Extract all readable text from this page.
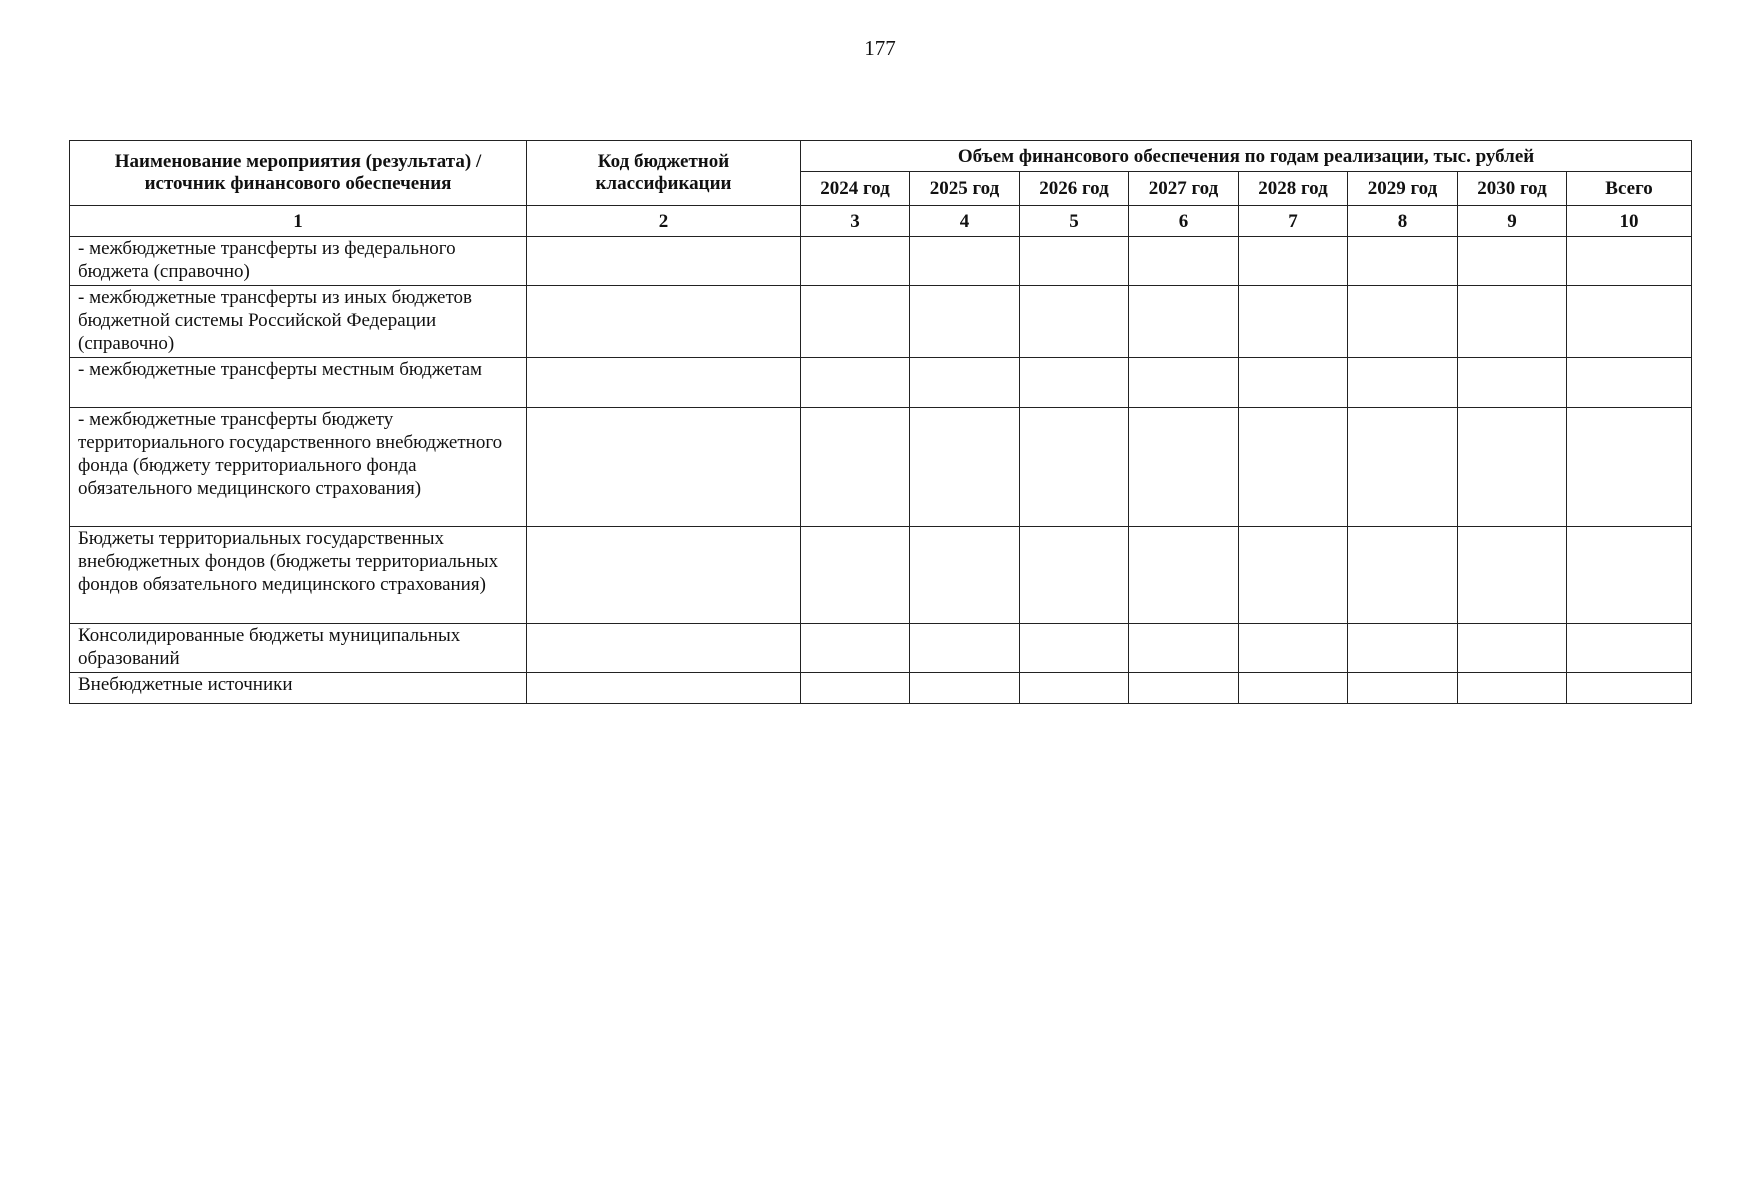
177
Наименование мероприятия (результата) / источник финансового обеспечения	Код бюджетной классификации	Объем финансового обеспечения по годам реализации, тыс. рублей							
		2024 год	2025 год	2026 год	2027 год	2028 год	2029 год	2030 год	Всего
1	2	3	4	5	6	7	8	9	10
- межбюджетные трансферты из федерального бюджета (справочно)									
- межбюджетные трансферты из иных бюджетов бюджетной системы Российской Федерации (справочно)									
- межбюджетные трансферты местным бюджетам									
- межбюджетные трансферты бюджету территориального государственного внебюджетного фонда (бюджету территориального фонда обязательного медицинского страхования)									
Бюджеты территориальных государственных внебюджетных фондов (бюджеты территориальных фондов обязательного медицинского страхования)									
Консолидированные бюджеты муниципальных образований									
Внебюджетные источники									
